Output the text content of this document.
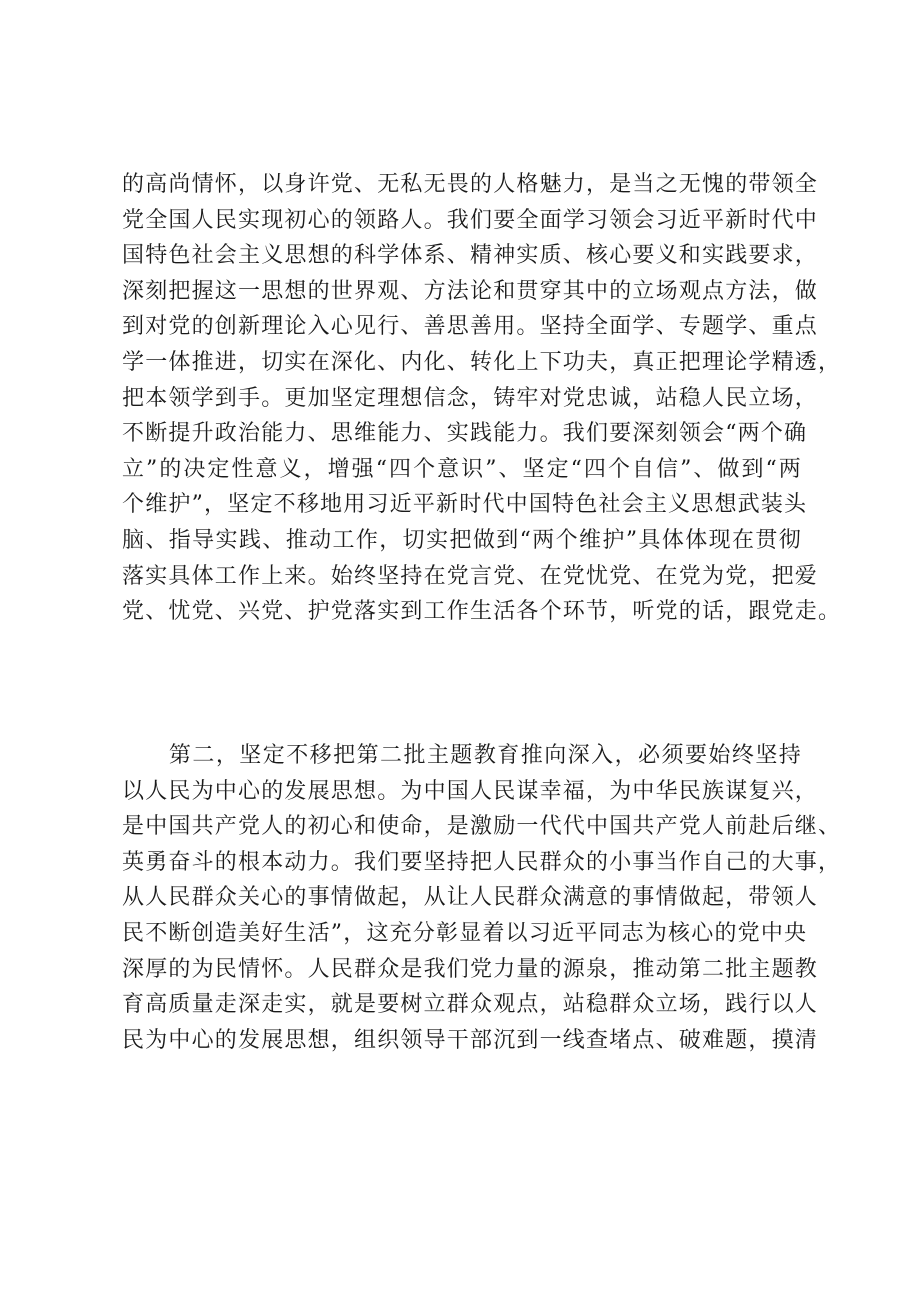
的高尚情怀，以身许党、无私无畏的人格魅力，是当之无愧的带领全
党全国人民实现初心的领路人。我们要全面学习领会习近平新时代中
国特色社会主义思想的科学体系、精神实质、核心要义和实践要求，
深刻把握这一思想的世界观、方法论和贯穿其中的立场观点方法，做
到对党的创新理论入心见行、善思善用。坚持全面学、专题学、重点
学一体推进，切实在深化、内化、转化上下功夫，真正把理论学精透，
把本领学到手。更加坚定理想信念，铸牢对党忠诚，站稳人民立场，
不断提升政治能力、思维能力、实践能力。我们要深刻领会“两个确
立”的决定性意义，增强“四个意识”、坚定“四个自信”、做到“两
个维护”，坚定不移地用习近平新时代中国特色社会主义思想武装头
脑、指导实践、推动工作，切实把做到“两个维护”具体体现在贯彻
落实具体工作上来。始终坚持在党言党、在党忧党、在党为党，把爱
党、忧党、兴党、护党落实到工作生活各个环节，听党的话，跟党走。
　　第二，坚定不移把第二批主题教育推向深入，必须要始终坚持
以人民为中心的发展思想。为中国人民谋幸福，为中华民族谋复兴，
是中国共产党人的初心和使命，是激励一代代中国共产党人前赴后继、
英勇奋斗的根本动力。我们要坚持把人民群众的小事当作自己的大事，
从人民群众关心的事情做起，从让人民群众满意的事情做起，带领人
民不断创造美好生活”，这充分彰显着以习近平同志为核心的党中央
深厚的为民情怀。人民群众是我们党力量的源泉，推动第二批主题教
育高质量走深走实，就是要树立群众观点，站稳群众立场，践行以人
民为中心的发展思想，组织领导干部沉到一线查堵点、破难题，摸清
